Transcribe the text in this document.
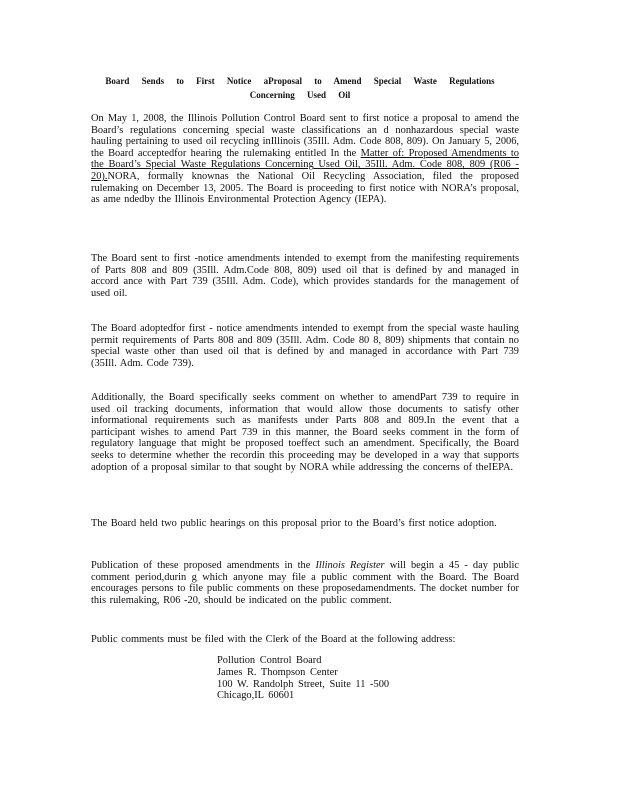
Board Sends to First Notice aProposal to Amend Special Waste Regulations
Concerning Used Oil

On May 1, 2008, the Illinois Pollution Control Board sent to first notice a proposal to amend the Board’s regulations concerning special waste classifications an d nonhazardous special waste hauling pertaining to used oil recycling inIllinois (35Ill. Adm. Code 808, 809). On January 5, 2006, the Board acceptedfor hearing the rulemaking entitled In the Matter of: Proposed Amendments to the Board’s Special Waste Regulations Concerning Used Oil, 35Ill. Adm. Code 808, 809 (R06 - 20).NORA, formally knownas the National Oil Recycling Association, filed the proposed rulemaking on December 13, 2005. The Board is proceeding to first notice with NORA’s proposal, as ame ndedby the Illinois Environmental Protection Agency (IEPA).

The Board sent to first -notice amendments intended to exempt from the manifesting requirements of Parts 808 and 809 (35Ill. Adm.Code 808, 809) used oil that is defined by and managed in accord ance with Part 739 (35Ill. Adm. Code), which provides standards for the management of used oil.

The Board adoptedfor first - notice amendments intended to exempt from the special waste hauling permit requirements of Parts 808 and 809 (35Ill. Adm. Code 80 8, 809) shipments that contain no special waste other than used oil that is defined by and managed in accordance with Part 739 (35Ill. Adm. Code 739).

Additionally, the Board specifically seeks comment on whether to amendPart 739 to require in used oil tracking documents, information that would allow those documents to satisfy other informational requirements such as manifests under Parts 808 and 809.In the event that a participant wishes to amend Part 739 in this manner, the Board seeks comment in the form of regulatory language that might be proposed toeffect such an amendment. Specifically, the Board seeks to determine whether the recordin this proceeding may be developed in a way that supports adoption of a proposal similar to that sought by NORA while addressing the concerns of theIEPA.

The Board held two public hearings on this proposal prior to the Board’s first notice adoption.

Publication of these proposed amendments in the Illinois Register will begin a 45 - day public comment period,durin g which anyone may file a public comment with the Board. The Board encourages persons to file public comments on these proposedamendments. The docket number for this rulemaking, R06 -20, should be indicated on the public comment.

Public comments must be filed with the Clerk of the Board at the following address:

Pollution Control Board
James R. Thompson Center
100 W. Randolph Street, Suite 11 -500
Chicago,IL 60601
